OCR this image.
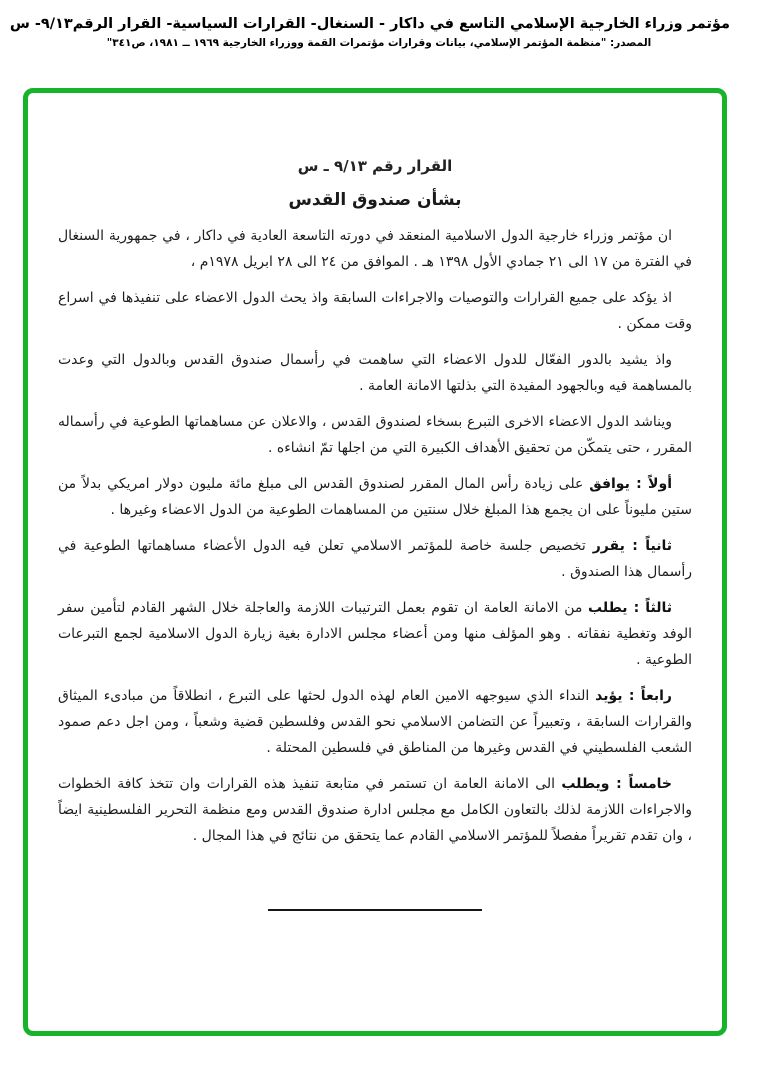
مؤتمر وزراء الخارجية الإسلامي التاسع في داكار - السنغال- القرارات السياسية- القرار الرقم٩/١٣- س
المصدر: "منظمة المؤتمر الإسلامي، بيانات وقرارات مؤتمرات القمة ووزراء الخارجية ١٩٦٩ ــ ١٩٨١، ص٣٤١"
القرار رقم ٩/١٣ ـ س
بشأن صندوق القدس

ان مؤتمر وزراء خارجية الدول الاسلامية المنعقد في دورته التاسعة العادية في داكار ، في جمهورية السنغال في الفترة من ١٧ الى ٢١ جمادي الأول ١٣٩٨ هـ . الموافق من ٢٤ الى ٢٨ ابريل ١٩٧٨م ،

اذ يؤكد على جميع القرارات والتوصيات والاجراءات السابقة واذ يحث الدول الاعضاء على تنفيذها في اسراع وقت ممكن .

واذ يشيد بالدور الفعّال للدول الاعضاء التي ساهمت في رأسمال صندوق القدس وبالدول التي وعدت بالمساهمة فيه وبالجهود المفيدة التي بذلتها الامانة العامة .

ويناشد الدول الاعضاء الاخرى التبرع بسخاء لصندوق القدس ، والاعلان عن مساهماتها الطوعية في رأسماله المقرر ، حتى يتمكّن من تحقيق الأهداف الكبيرة التي من اجلها تمّ انشاءه .

أولاً : يوافق على زيادة رأس المال المقرر لصندوق القدس الى مبلغ مائة مليون دولار امريكي بدلاً من ستين مليوناً على ان يجمع هذا المبلغ خلال سنتين من المساهمات الطوعية من الدول الاعضاء وغيرها .

ثانياً : يقرر تخصيص جلسة خاصة للمؤتمر الاسلامي تعلن فيه الدول الأعضاء مساهماتها الطوعية في رأسمال هذا الصندوق .

ثالثاً : يطلب من الامانة العامة ان تقوم بعمل الترتيبات اللازمة والعاجلة خلال الشهر القادم لتأمين سفر الوفد وتغطية نفقاته . وهو المؤلف منها ومن أعضاء مجلس الادارة بغية زيارة الدول الاسلامية لجمع التبرعات الطوعية .

رابعاً : يؤيد النداء الذي سيوجهه الامين العام لهذه الدول لحثها على التبرع ، انطلاقاً من مبادىء الميثاق والقرارات السابقة ، وتعبيراً عن التضامن الاسلامي نحو القدس وفلسطين قضية وشعباً ، ومن اجل دعم صمود الشعب الفلسطيني في القدس وغيرها من المناطق في فلسطين المحتلة .

خامساً : ويطلب الى الامانة العامة ان تستمر في متابعة تنفيذ هذه القرارات وان تتخذ كافة الخطوات والاجراءات اللازمة لذلك بالتعاون الكامل مع مجلس ادارة صندوق القدس ومع منظمة التحرير الفلسطينية ايضاً ، وان تقدم تقريراً مفصلاً للمؤتمر الاسلامي القادم عما يتحقق من نتائج في هذا المجال .
